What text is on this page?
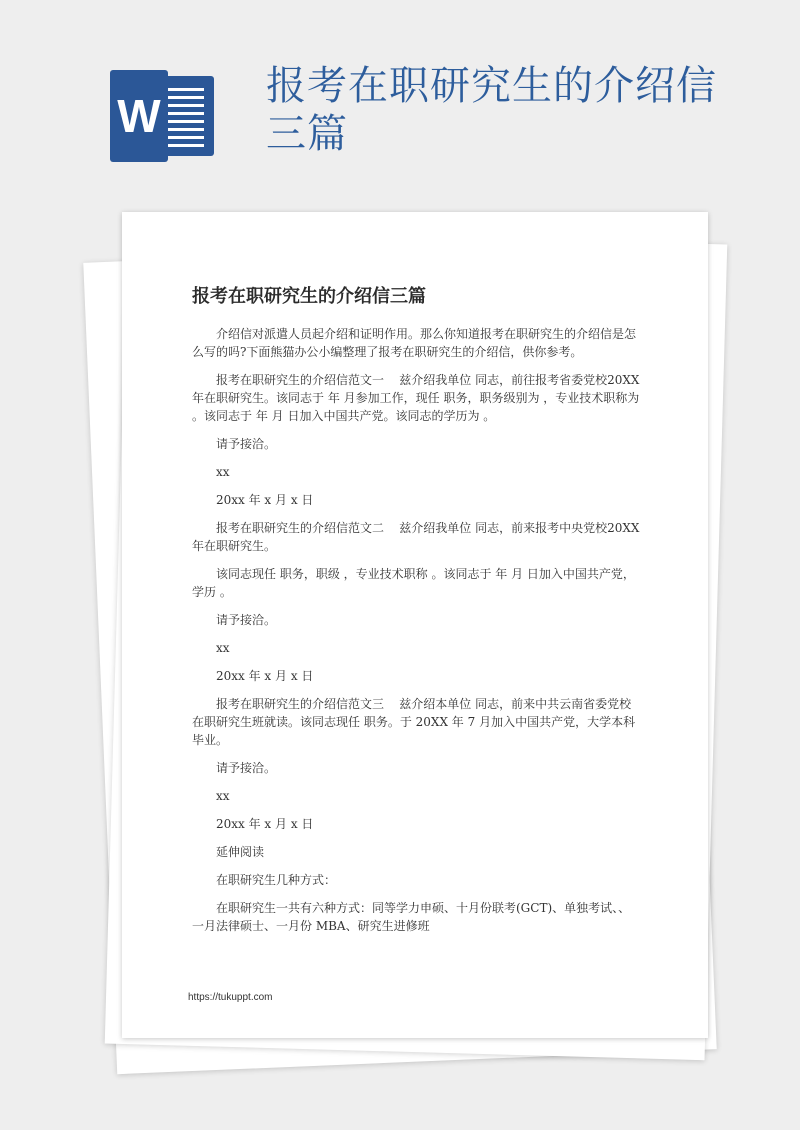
W
报考在职研究生的介绍信三篇
报考在职研究生的介绍信三篇

介绍信对派遣人员起介绍和证明作用。那么你知道报考在职研究生的介绍信是怎么写的吗?下面熊猫办公小编整理了报考在职研究生的介绍信，供你参考。

报考在职研究生的介绍信范文一    兹介绍我单位 同志，前往报考省委党校20XX 年在职研究生。该同志于 年 月参加工作，现任 职务，职务级别为 ，专业技术职称为 。该同志于 年 月 日加入中国共产党。该同志的学历为 。

请予接洽。

xx

20xx 年 x 月 x 日

报考在职研究生的介绍信范文二    兹介绍我单位 同志，前来报考中央党校20XX 年在职研究生。

该同志现任 职务，职级 ，专业技术职称 。该同志于 年 月 日加入中国共产党，学历 。

请予接洽。

xx

20xx 年 x 月 x 日

报考在职研究生的介绍信范文三    兹介绍本单位 同志，前来中共云南省委党校在职研究生班就读。该同志现任 职务。于 20XX 年 7 月加入中国共产党，大学本科毕业。

请予接洽。

xx

20xx 年 x 月 x 日

延伸阅读

在职研究生几种方式：

在职研究生一共有六种方式：同等学力申硕、十月份联考(GCT)、单独考试、、一月法律硕士、一月份 MBA、研究生进修班

https://tukuppt.com
